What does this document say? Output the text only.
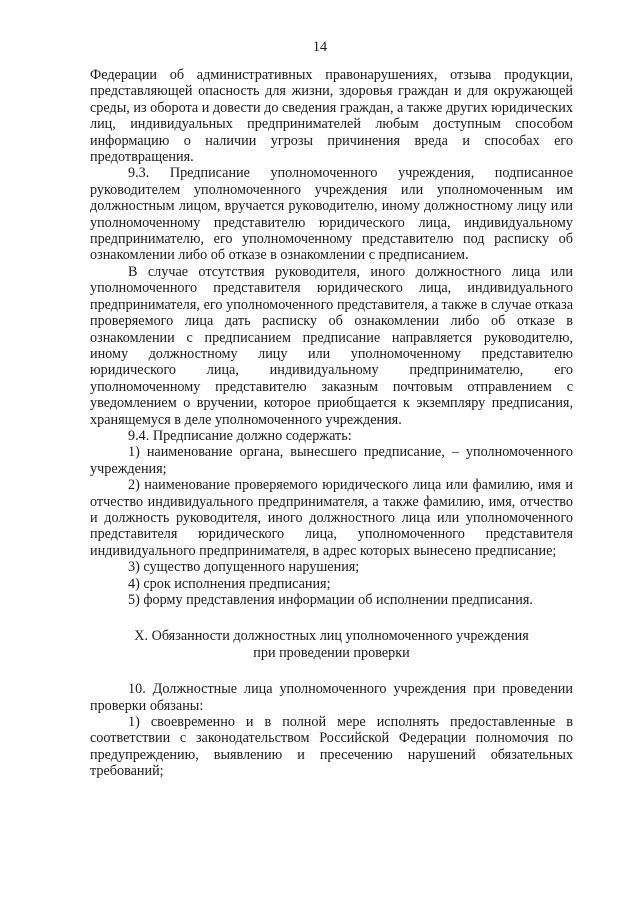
14

Федерации об административных правонарушениях, отзыва продукции, представляющей опасность для жизни, здоровья граждан и для окружающей среды, из оборота и довести до сведения граждан, а также других юридических лиц, индивидуальных предпринимателей любым доступным способом информацию о наличии угрозы причинения вреда и способах его предотвращения.

9.3. Предписание уполномоченного учреждения, подписанное руководителем уполномоченного учреждения или уполномоченным им должностным лицом, вручается руководителю, иному должностному лицу или уполномоченному представителю юридического лица, индивидуальному предпринимателю, его уполномоченному представителю под расписку об ознакомлении либо об отказе в ознакомлении с предписанием.

В случае отсутствия руководителя, иного должностного лица или уполномоченного представителя юридического лица, индивидуального предпринимателя, его уполномоченного представителя, а также в случае отказа проверяемого лица дать расписку об ознакомлении либо об отказе в ознакомлении с предписанием предписание направляется руководителю, иному должностному лицу или уполномоченному представителю юридического лица, индивидуальному предпринимателю, его уполномоченному представителю заказным почтовым отправлением с уведомлением о вручении, которое приобщается к экземпляру предписания, хранящемуся в деле уполномоченного учреждения.

9.4. Предписание должно содержать:

1) наименование органа, вынесшего предписание, – уполномоченного учреждения;

2) наименование проверяемого юридического лица или фамилию, имя и отчество индивидуального предпринимателя, а также фамилию, имя, отчество и должность руководителя, иного должностного лица или уполномоченного представителя юридического лица, уполномоченного представителя индивидуального предпринимателя, в адрес которых вынесено предписание;

3) существо допущенного нарушения;

4) срок исполнения предписания;

5) форму представления информации об исполнении предписания.

X. Обязанности должностных лиц уполномоченного учреждения
при проведении проверки

10. Должностные лица уполномоченного учреждения при проведении проверки обязаны:

1) своевременно и в полной мере исполнять предоставленные в соответствии с законодательством Российской Федерации полномочия по предупреждению, выявлению и пресечению нарушений обязательных требований;
